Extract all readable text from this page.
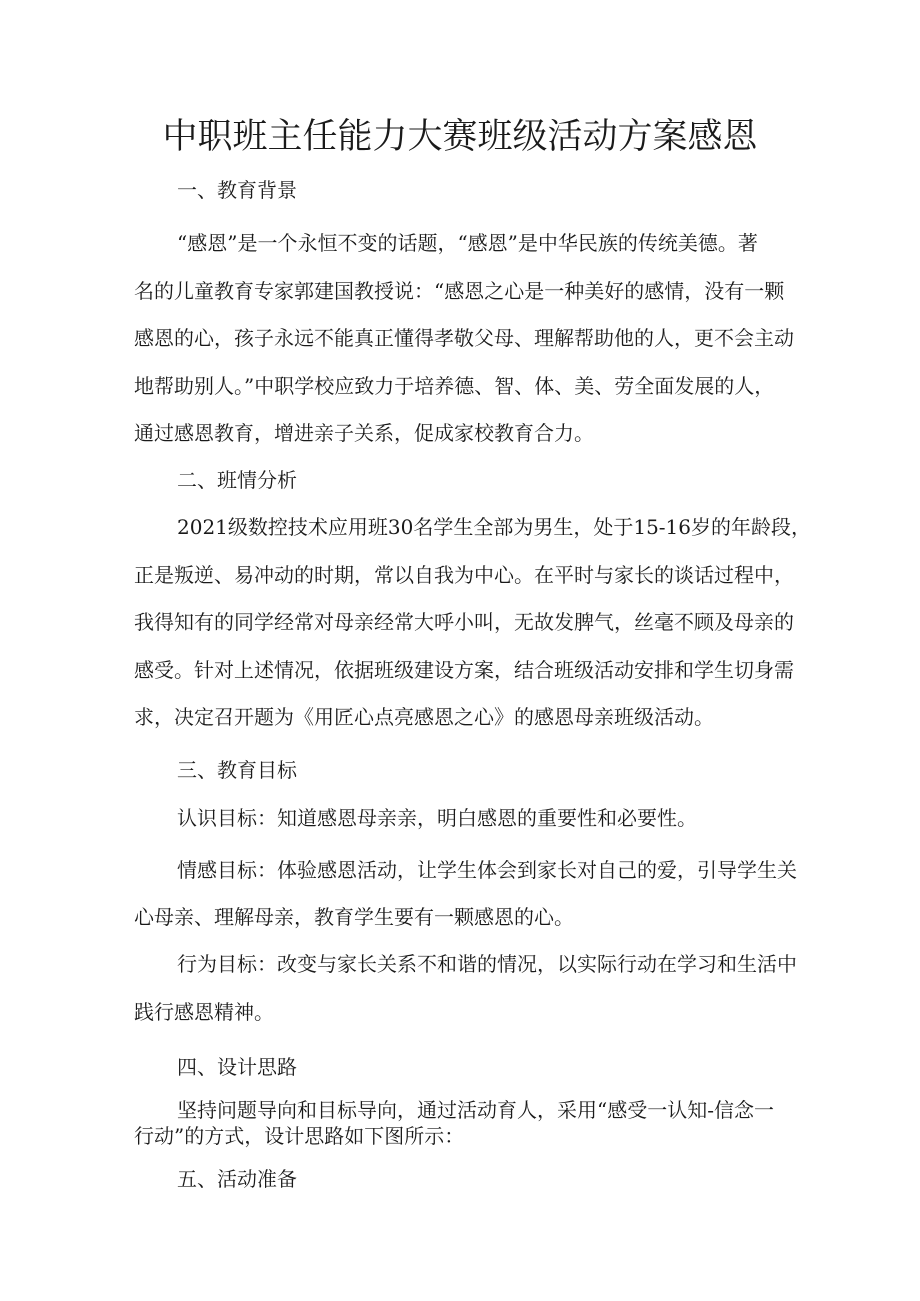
中职班主任能力大赛班级活动方案感恩
一、教育背景
“感恩”是一个永恒不变的话题，“感恩”是中华民族的传统美德。著
名的儿童教育专家郭建国教授说：“感恩之心是一种美好的感情，没有一颗
感恩的心，孩子永远不能真正懂得孝敬父母、理解帮助他的人，更不会主动
地帮助别人。”中职学校应致力于培养德、智、体、美、劳全面发展的人，
通过感恩教育，增进亲子关系，促成家校教育合力。
二、班情分析
2021级数控技术应用班30名学生全部为男生，处于15-16岁的年龄段，
正是叛逆、易冲动的时期，常以自我为中心。在平时与家长的谈话过程中，
我得知有的同学经常对母亲经常大呼小叫，无故发脾气，丝毫不顾及母亲的
感受。针对上述情况，依据班级建设方案，结合班级活动安排和学生切身需
求，决定召开题为《用匠心点亮感恩之心》的感恩母亲班级活动。
三、教育目标
认识目标：知道感恩母亲亲，明白感恩的重要性和必要性。
情感目标：体验感恩活动，让学生体会到家长对自己的爱，引导学生关
心母亲、理解母亲，教育学生要有一颗感恩的心。
行为目标：改变与家长关系不和谐的情况，以实际行动在学习和生活中
践行感恩精神。
四、设计思路
坚持问题导向和目标导向，通过活动育人，采用“感受一认知-信念一
行动”的方式，设计思路如下图所示：
五、活动准备
